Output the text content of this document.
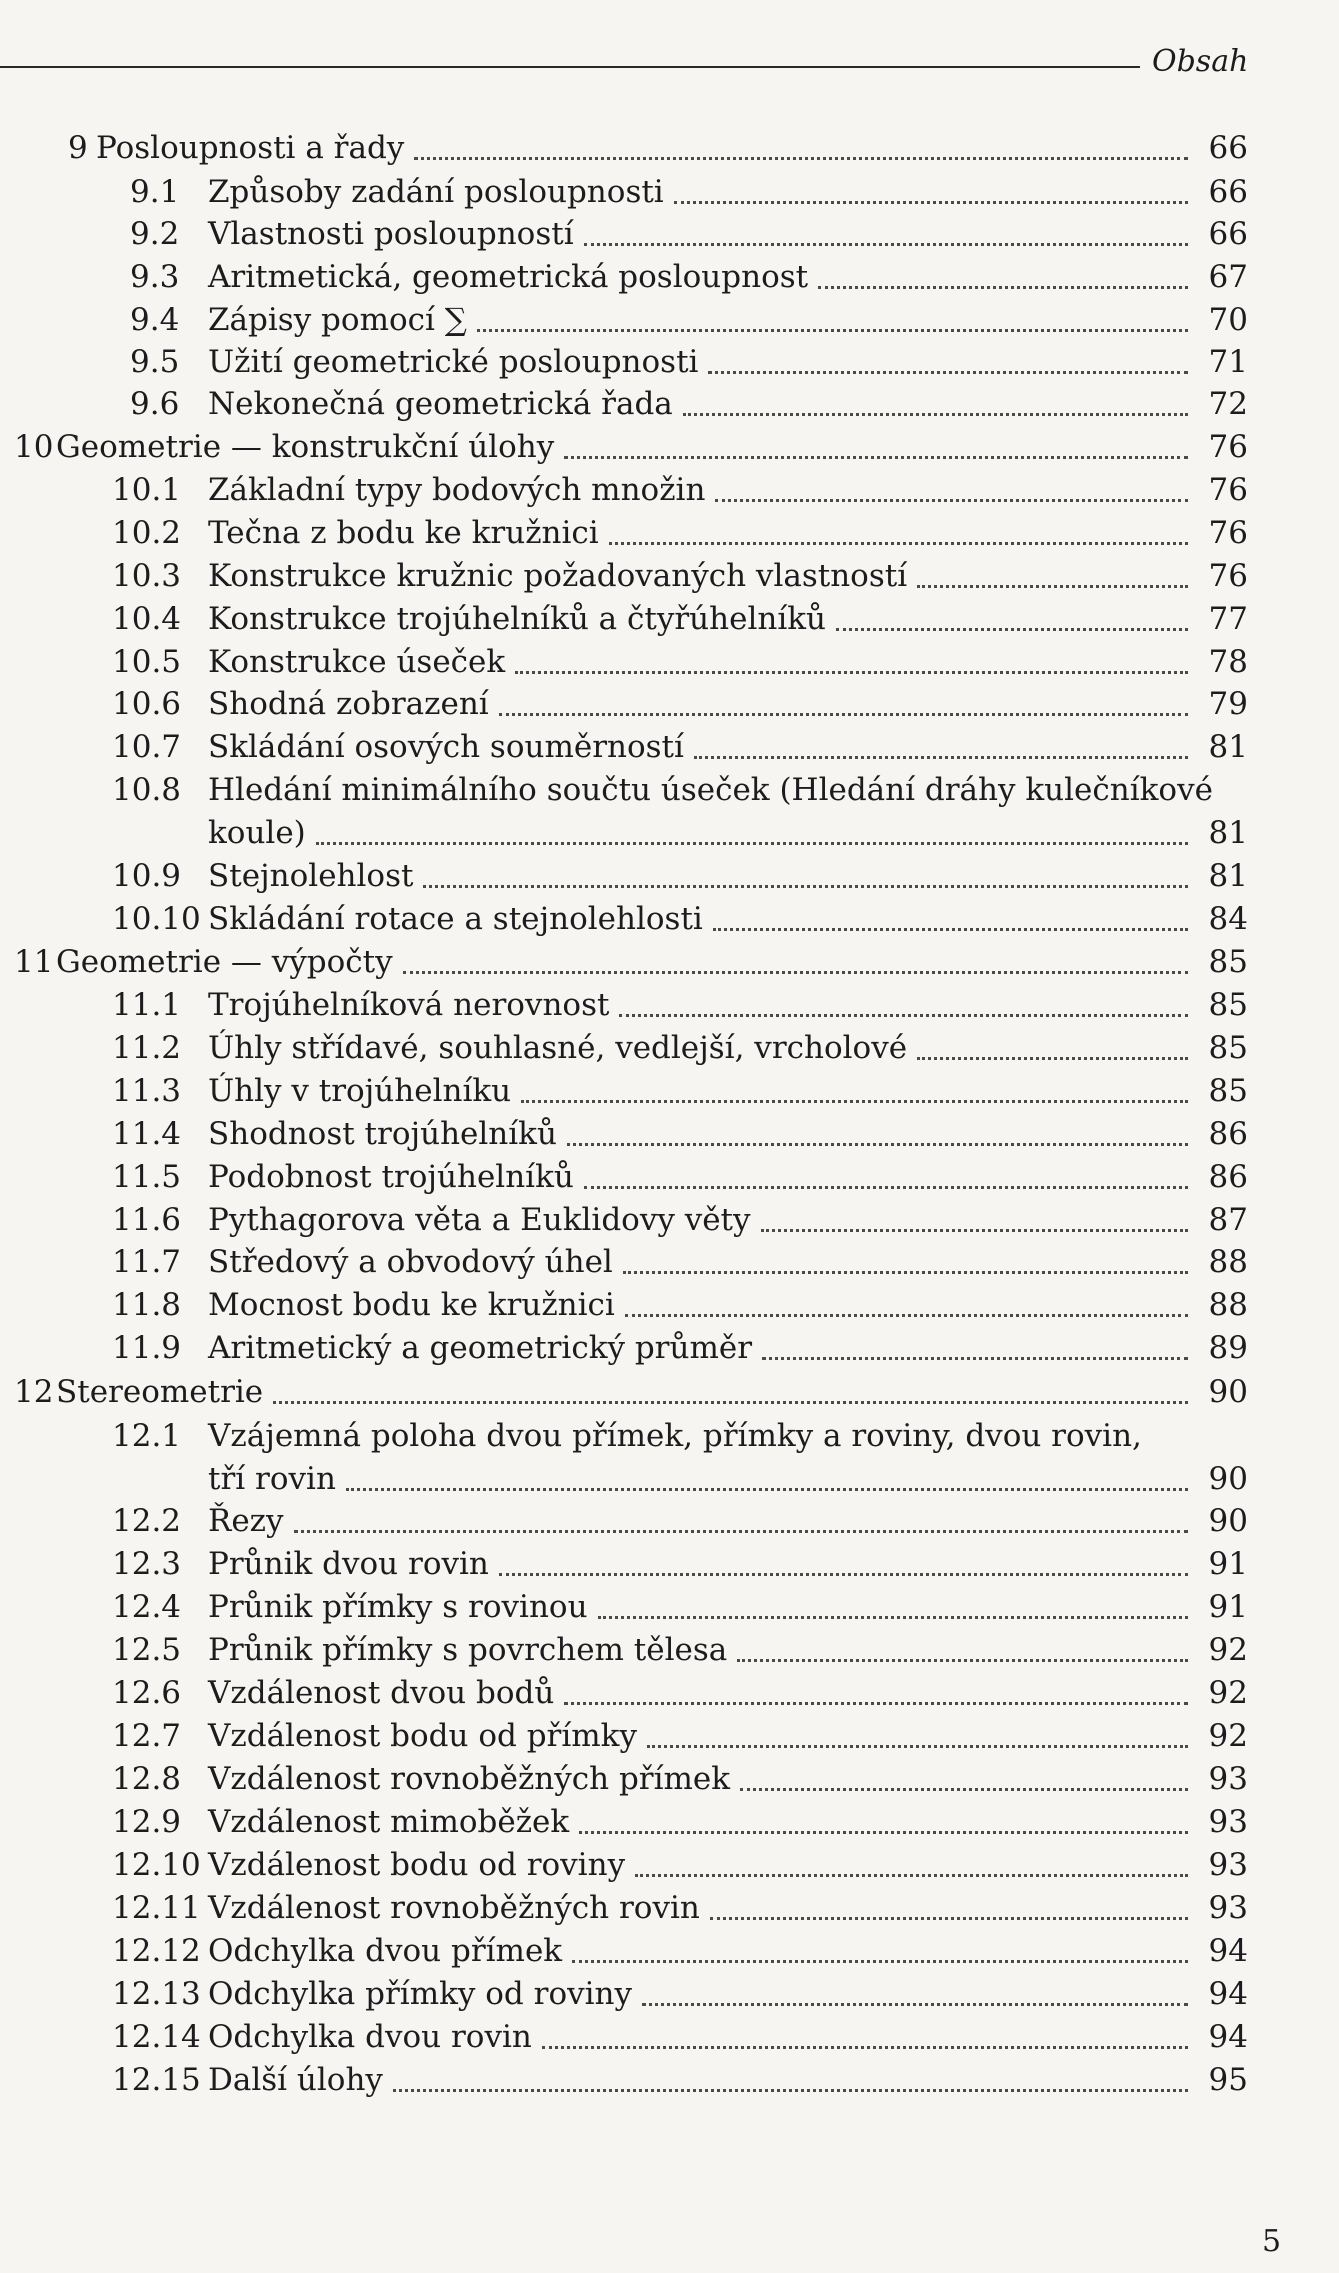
Obsah
9 Posloupnosti a řady	66
9.1 Způsoby zadání posloupnosti	66
9.2 Vlastnosti posloupností	66
9.3 Aritmetická, geometrická posloupnost	67
9.4 Zápisy pomocí ∑	70
9.5 Užití geometrické posloupnosti	71
9.6 Nekonečná geometrická řada	72
10 Geometrie — konstrukční úlohy	76
10.1 Základní typy bodových množin	76
10.2 Tečna z bodu ke kružnici	76
10.3 Konstrukce kružnic požadovaných vlastností	76
10.4 Konstrukce trojúhelníků a čtyřúhelníků	77
10.5 Konstrukce úseček	78
10.6 Shodná zobrazení	79
10.7 Skládání osových souměrností	81
10.8 Hledání minimálního součtu úseček (Hledání dráhy kulečníkové
koule)	81
10.9 Stejnolehlost	81
10.10 Skládání rotace a stejnolehlosti	84
11 Geometrie — výpočty	85
11.1 Trojúhelníková nerovnost	85
11.2 Úhly střídavé, souhlasné, vedlejší, vrcholové	85
11.3 Úhly v trojúhelníku	85
11.4 Shodnost trojúhelníků	86
11.5 Podobnost trojúhelníků	86
11.6 Pythagorova věta a Euklidovy věty	87
11.7 Středový a obvodový úhel	88
11.8 Mocnost bodu ke kružnici	88
11.9 Aritmetický a geometrický průměr	89
12 Stereometrie	90
12.1 Vzájemná poloha dvou přímek, přímky a roviny, dvou rovin,
tří rovin	90
12.2 Řezy	90
12.3 Průnik dvou rovin	91
12.4 Průnik přímky s rovinou	91
12.5 Průnik přímky s povrchem tělesa	92
12.6 Vzdálenost dvou bodů	92
12.7 Vzdálenost bodu od přímky	92
12.8 Vzdálenost rovnoběžných přímek	93
12.9 Vzdálenost mimoběžek	93
12.10 Vzdálenost bodu od roviny	93
12.11 Vzdálenost rovnoběžných rovin	93
12.12 Odchylka dvou přímek	94
12.13 Odchylka přímky od roviny	94
12.14 Odchylka dvou rovin	94
12.15 Další úlohy	95
5
